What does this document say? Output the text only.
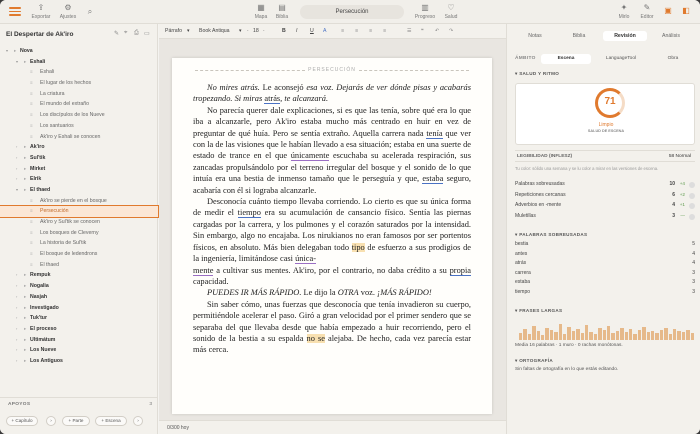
⇪
Exportar
⚙
Ajustes
⌕	▦
Mapa
▤
Biblia
Persecución	▥
Progreso
♡
Salud
✦
Mirlo
✎
Editor
▣ ◧
El Despertar de Ak'iro	✎ ⌖ ⎙ ▭
▾ ▸ Nova
▾ ▸ Eshali
≡ Eshali
≡ El lugar de los hechos
≡ La criatura
≡ El mundo del extraño
≡ Los discípulos de los Nueve
≡ Los santuarios
≡ Ak'iro y Eshali se conocen
› ▸ Ak'iro
› ▸ Sul'tik
› ▸ Mirket
› ▸ Elrik
▾ ▸ El thaed
≡ Ak'iro se pierde en el bosque
≡ Persecución
≡ Ak'iro y Sul'tik se conocen
≡ Los bosques de Cleverny
≡ La historia de Sul'tik
≡ El bosque de ledendrons
≡ El thaed
› ▸ Rempuk
› ▸ Nogalia
› ▸ Nasjah
› ▸ Investigado
› ▸ Tuk'tur
› ▸ El proceso
› ▸ Ultimátum
› ▸ Los Nueve
› ▸ Los Antiguos
APOYOS	3
+ Capítulo	›	+ Parte	+ Escena	›
Párrafo ▾ Book Antiqua ▾ · 18 ·	B I U A	≡ ≡ ≡ ≡	☰ ❝ ↶ ↷
PERSECUCIÓN

No mires atrás. Le aconsejó esa voz. Dejarás de ver dónde pisas y acabarás tropezando. Si miras atrás, te alcanzará.

No parecía querer dale explicaciones, si es que las tenía, sobre qué era lo que iba a alcanzarle, pero Ak'iro estaba mucho más centrado en huir en vez de preguntar de qué huía. Pero se sentía extraño. Aquella carrera nada tenía que ver con la de las visiones que le habían llevado a esa situación; estaba en una suerte de estado de trance en el que únicamente escuchaba su acelerada respiración, sus zancadas propulsándolo por el terreno irregular del bosque y el sonido de lo que intuía era una bestia de inmenso tamaño que le perseguía y que, estaba seguro, acabaría con él si lograba alcanzarle.

Desconocía cuánto tiempo llevaba corriendo. Lo cierto es que su única forma de medir el tiempo era su acumulación de cansancio físico. Sentía las piernas cargadas por la carrera, y los pulmones y el corazón saturados por la intensidad. Sin embargo, algo no encajaba. Los nirukianos no eran famosos por ser portentos físicos, en absoluto. Más bien delegaban todo tipo de esfuerzo a sus prodigios de la ingeniería, limitándose casi única-

mente a cultivar sus mentes. Ak'iro, por el contrario, no daba crédito a su propia capacidad.

PUEDES IR MÁS RÁPIDO. Le dijo la OTRA voz. ¡MÁS RÁPIDO!

Sin saber cómo, unas fuerzas que desconocía que tenía invadieron su cuerpo, permitiéndole acelerar el paso. Giró a gran velocidad por el primer sendero que se separaba del que llevaba desde que había empezado a huir recorriendo, pero el sonido de la bestia a su espalda no se alejaba. De hecho, cada vez parecía estar más cerca.

0/300 hoy
Notas	Biblia	Revisión	Análisis
ÁMBITO	Escena	LanguageTool	Obra
▾ SALUD Y RITMO
71
Limpio
SALUD DE ESCENA
LEGIBILIDAD (INFLESZ)	58 Normal
Tu color: sólido una semana y se lu color a mirar en las versiones de escena.
Palabras sobreusadas	10 +4
Repeticiones cercanas	6 +2
Adverbios en -mente	4 +1
Muletillas	3 —
▾ PALABRAS SOBREUSADAS
bestia	5
antes	4
atrás	4
carrera	3
estaba	3
tiempo	3
▾ FRASES LARGAS
Media 16 palabras · 1 muro · 0 rachas monótonas.
▾ ORTOGRAFÍA
Sin faltas de ortografía en lo que estás editando.
